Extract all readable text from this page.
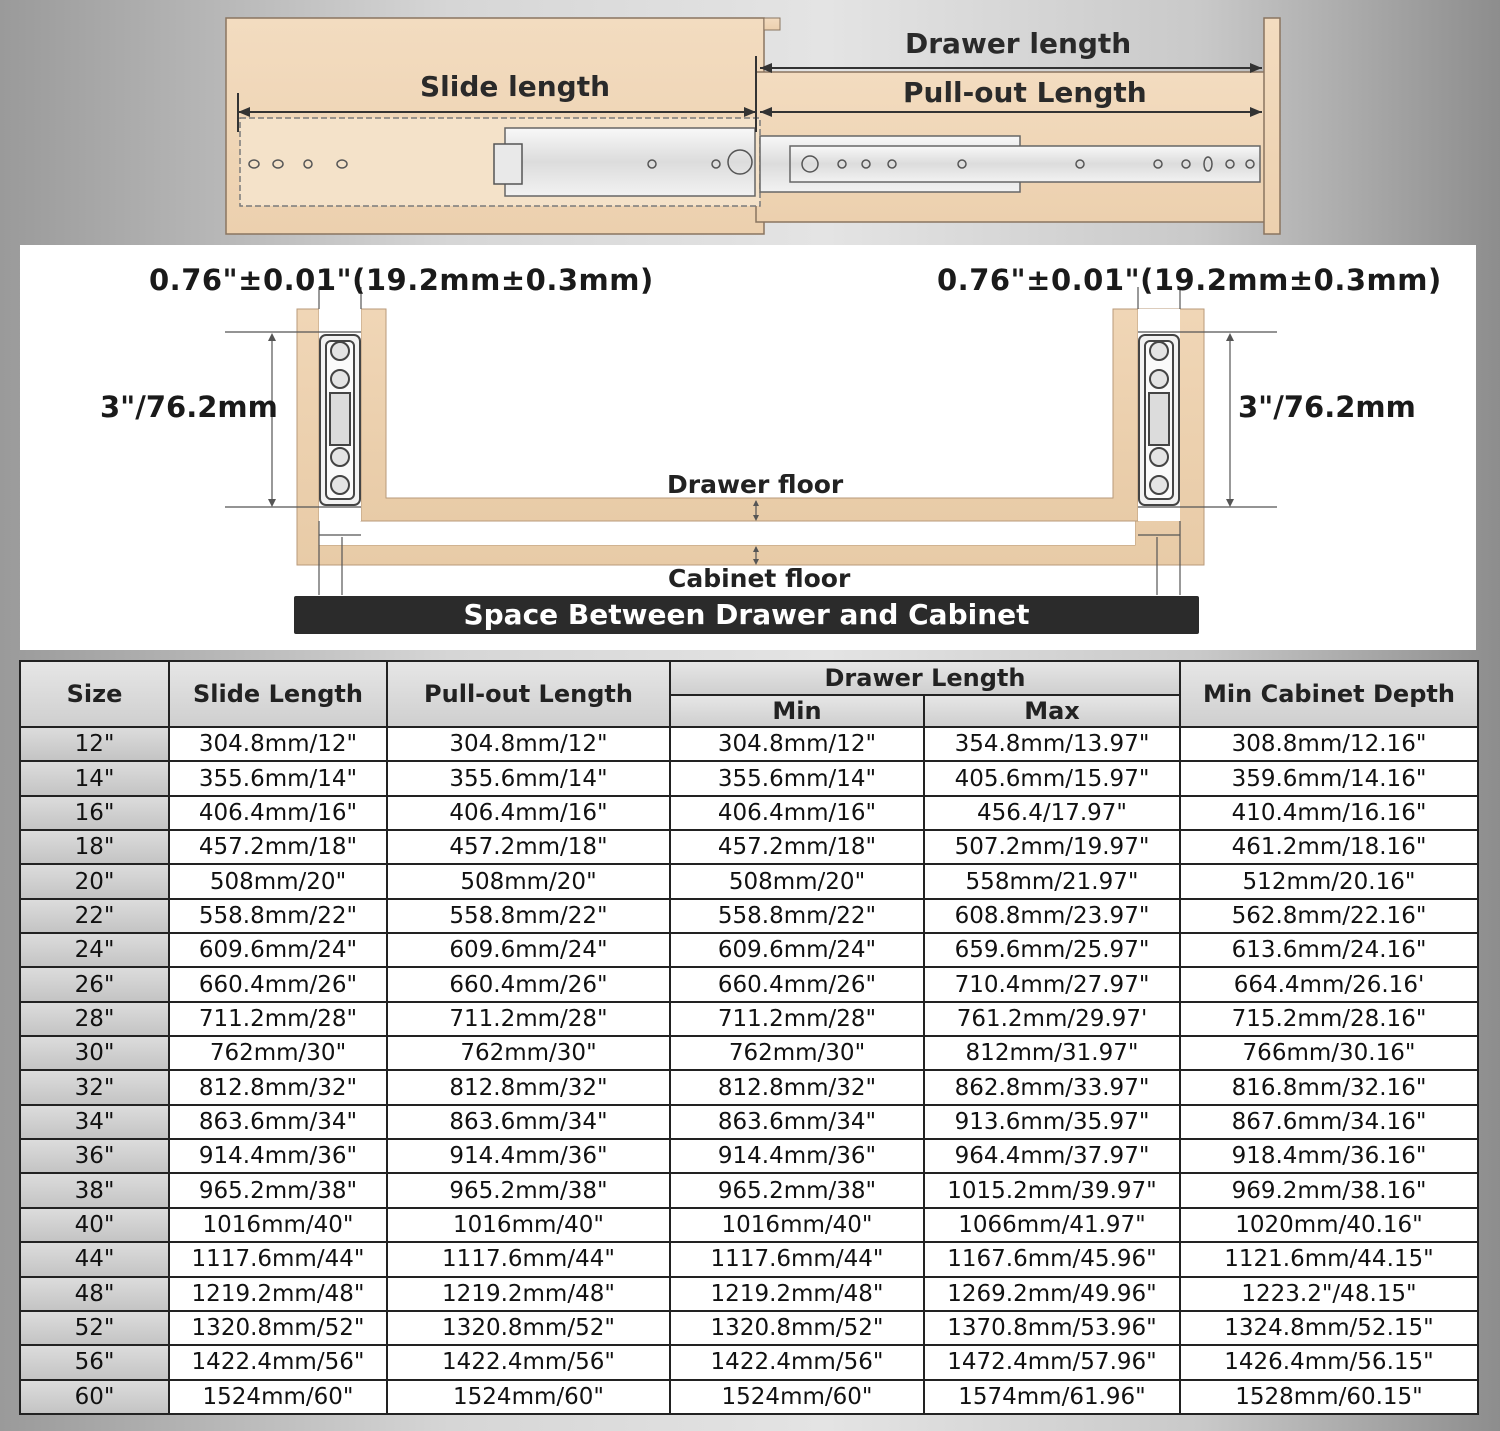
Slide length
Drawer length
Pull-out Length
0.76"±0.01"(19.2mm±0.3mm)	0.76"±0.01"(19.2mm±0.3mm)
3"/76.2mm	3"/76.2mm
Drawer floor
Cabinet floor
Space Between Drawer and Cabinet
Size	Slide Length	Pull-out Length	Drawer Length		Min Cabinet Depth
			Min	Max	
12"	304.8mm/12"	304.8mm/12"	304.8mm/12"	354.8mm/13.97"	308.8mm/12.16"
14"	355.6mm/14"	355.6mm/14"	355.6mm/14"	405.6mm/15.97"	359.6mm/14.16"
16"	406.4mm/16"	406.4mm/16"	406.4mm/16"	456.4/17.97"	410.4mm/16.16"
18"	457.2mm/18"	457.2mm/18"	457.2mm/18"	507.2mm/19.97"	461.2mm/18.16"
20"	508mm/20"	508mm/20"	508mm/20"	558mm/21.97"	512mm/20.16"
22"	558.8mm/22"	558.8mm/22"	558.8mm/22"	608.8mm/23.97"	562.8mm/22.16"
24"	609.6mm/24"	609.6mm/24"	609.6mm/24"	659.6mm/25.97"	613.6mm/24.16"
26"	660.4mm/26"	660.4mm/26"	660.4mm/26"	710.4mm/27.97"	664.4mm/26.16'
28"	711.2mm/28"	711.2mm/28"	711.2mm/28"	761.2mm/29.97'	715.2mm/28.16"
30"	762mm/30"	762mm/30"	762mm/30"	812mm/31.97"	766mm/30.16"
32"	812.8mm/32"	812.8mm/32"	812.8mm/32"	862.8mm/33.97"	816.8mm/32.16"
34"	863.6mm/34"	863.6mm/34"	863.6mm/34"	913.6mm/35.97"	867.6mm/34.16"
36"	914.4mm/36"	914.4mm/36"	914.4mm/36"	964.4mm/37.97"	918.4mm/36.16"
38"	965.2mm/38"	965.2mm/38"	965.2mm/38"	1015.2mm/39.97"	969.2mm/38.16"
40"	1016mm/40"	1016mm/40"	1016mm/40"	1066mm/41.97"	1020mm/40.16"
44"	1117.6mm/44"	1117.6mm/44"	1117.6mm/44"	1167.6mm/45.96"	1121.6mm/44.15"
48"	1219.2mm/48"	1219.2mm/48"	1219.2mm/48"	1269.2mm/49.96"	1223.2"/48.15"
52"	1320.8mm/52"	1320.8mm/52"	1320.8mm/52"	1370.8mm/53.96"	1324.8mm/52.15"
56"	1422.4mm/56"	1422.4mm/56"	1422.4mm/56"	1472.4mm/57.96"	1426.4mm/56.15"
60"	1524mm/60"	1524mm/60"	1524mm/60"	1574mm/61.96"	1528mm/60.15"
